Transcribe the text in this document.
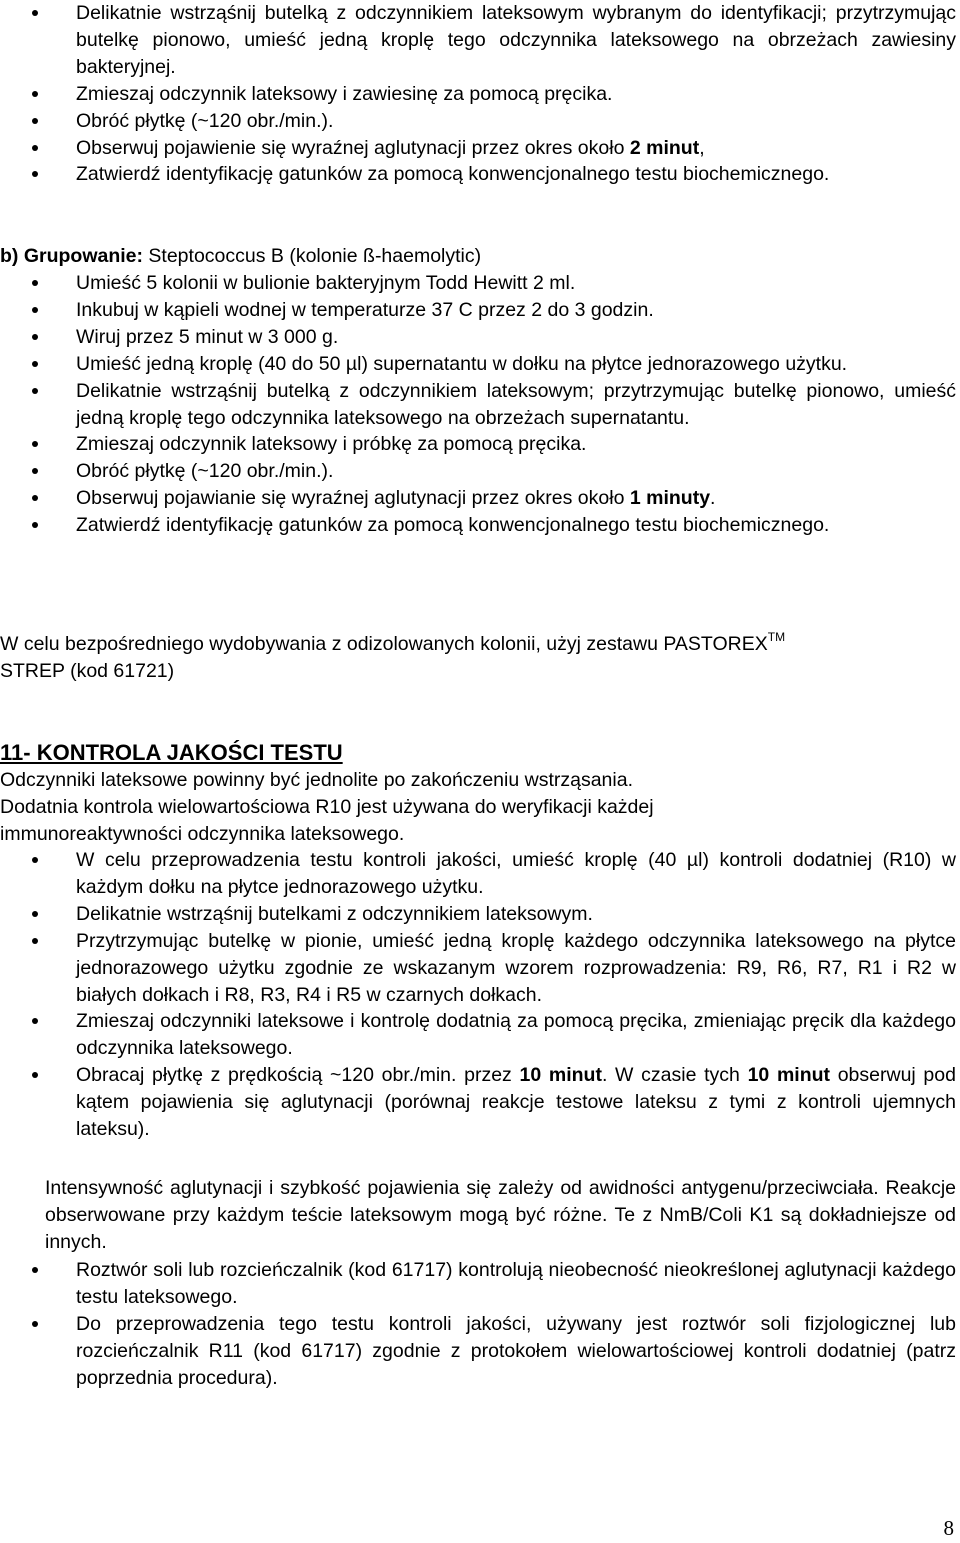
Delikatnie wstrząśnij butelką z odczynnikiem lateksowym wybranym do identyfikacji; przytrzymując butelkę pionowo, umieść jedną kroplę tego odczynnika lateksowego na obrzeżach zawiesiny bakteryjnej.
Zmieszaj odczynnik lateksowy i zawiesinę za pomocą pręcika.
Obróć płytkę (~120 obr./min.).
Obserwuj pojawienie się wyraźnej aglutynacji przez okres około 2 minut,
Zatwierdź identyfikację gatunków za pomocą konwencjonalnego testu biochemicznego.
b) Grupowanie: Steptococcus B (kolonie ß-haemolytic)
Umieść 5 kolonii w bulionie bakteryjnym Todd Hewitt 2 ml.
Inkubuj w kąpieli wodnej w temperaturze 37 C przez 2 do 3 godzin.
Wiruj przez 5 minut w 3 000 g.
Umieść jedną kroplę (40 do 50 µl) supernatantu w dołku na płytce jednorazowego użytku.
Delikatnie wstrząśnij butelką z odczynnikiem lateksowym; przytrzymując butelkę pionowo, umieść jedną kroplę tego odczynnika lateksowego na obrzeżach supernatantu.
Zmieszaj odczynnik lateksowy i próbkę za pomocą pręcika.
Obróć płytkę (~120 obr./min.).
Obserwuj pojawianie się wyraźnej aglutynacji przez okres około 1 minuty.
Zatwierdź identyfikację gatunków za pomocą konwencjonalnego testu biochemicznego.
W celu bezpośredniego wydobywania z odizolowanych kolonii, użyj zestawu PASTOREX™
STREP (kod 61721)
11- KONTROLA JAKOŚCI TESTU
Odczynniki lateksowe powinny być jednolite po zakończeniu wstrząsania.
Dodatnia kontrola wielowartościowa R10 jest używana do weryfikacji każdej immunoreaktywności odczynnika lateksowego.
W celu przeprowadzenia testu kontroli jakości, umieść kroplę (40 µl) kontroli dodatniej (R10) w każdym dołku na płytce jednorazowego użytku.
Delikatnie wstrząśnij butelkami z odczynnikiem lateksowym.
Przytrzymując butelkę w pionie, umieść jedną kroplę każdego odczynnika lateksowego na płytce jednorazowego użytku zgodnie ze wskazanym wzorem rozprowadzenia: R9, R6, R7, R1 i R2 w białych dołkach i R8, R3, R4 i R5 w czarnych dołkach.
Zmieszaj odczynniki lateksowe i kontrolę dodatnią za pomocą pręcika, zmieniając pręcik dla każdego odczynnika lateksowego.
Obracaj płytkę z prędkością ~120 obr./min. przez 10 minut. W czasie tych 10 minut obserwuj pod kątem pojawienia się aglutynacji (porównaj reakcje testowe lateksu z tymi z kontroli ujemnych lateksu).
Intensywność aglutynacji i szybkość pojawienia się zależy od awidności antygenu/przeciwciała. Reakcje obserwowane przy każdym teście lateksowym mogą być różne. Te z NmB/Coli K1 są dokładniejsze od innych.
Roztwór soli lub rozcieńczalnik (kod 61717) kontrolują nieobecność nieokreślonej aglutynacji każdego testu lateksowego.
Do przeprowadzenia tego testu kontroli jakości, używany jest roztwór soli fizjologicznej lub rozcieńczalnik R11 (kod 61717) zgodnie z protokołem wielowartościowej kontroli dodatniej (patrz poprzednia procedura).
8
